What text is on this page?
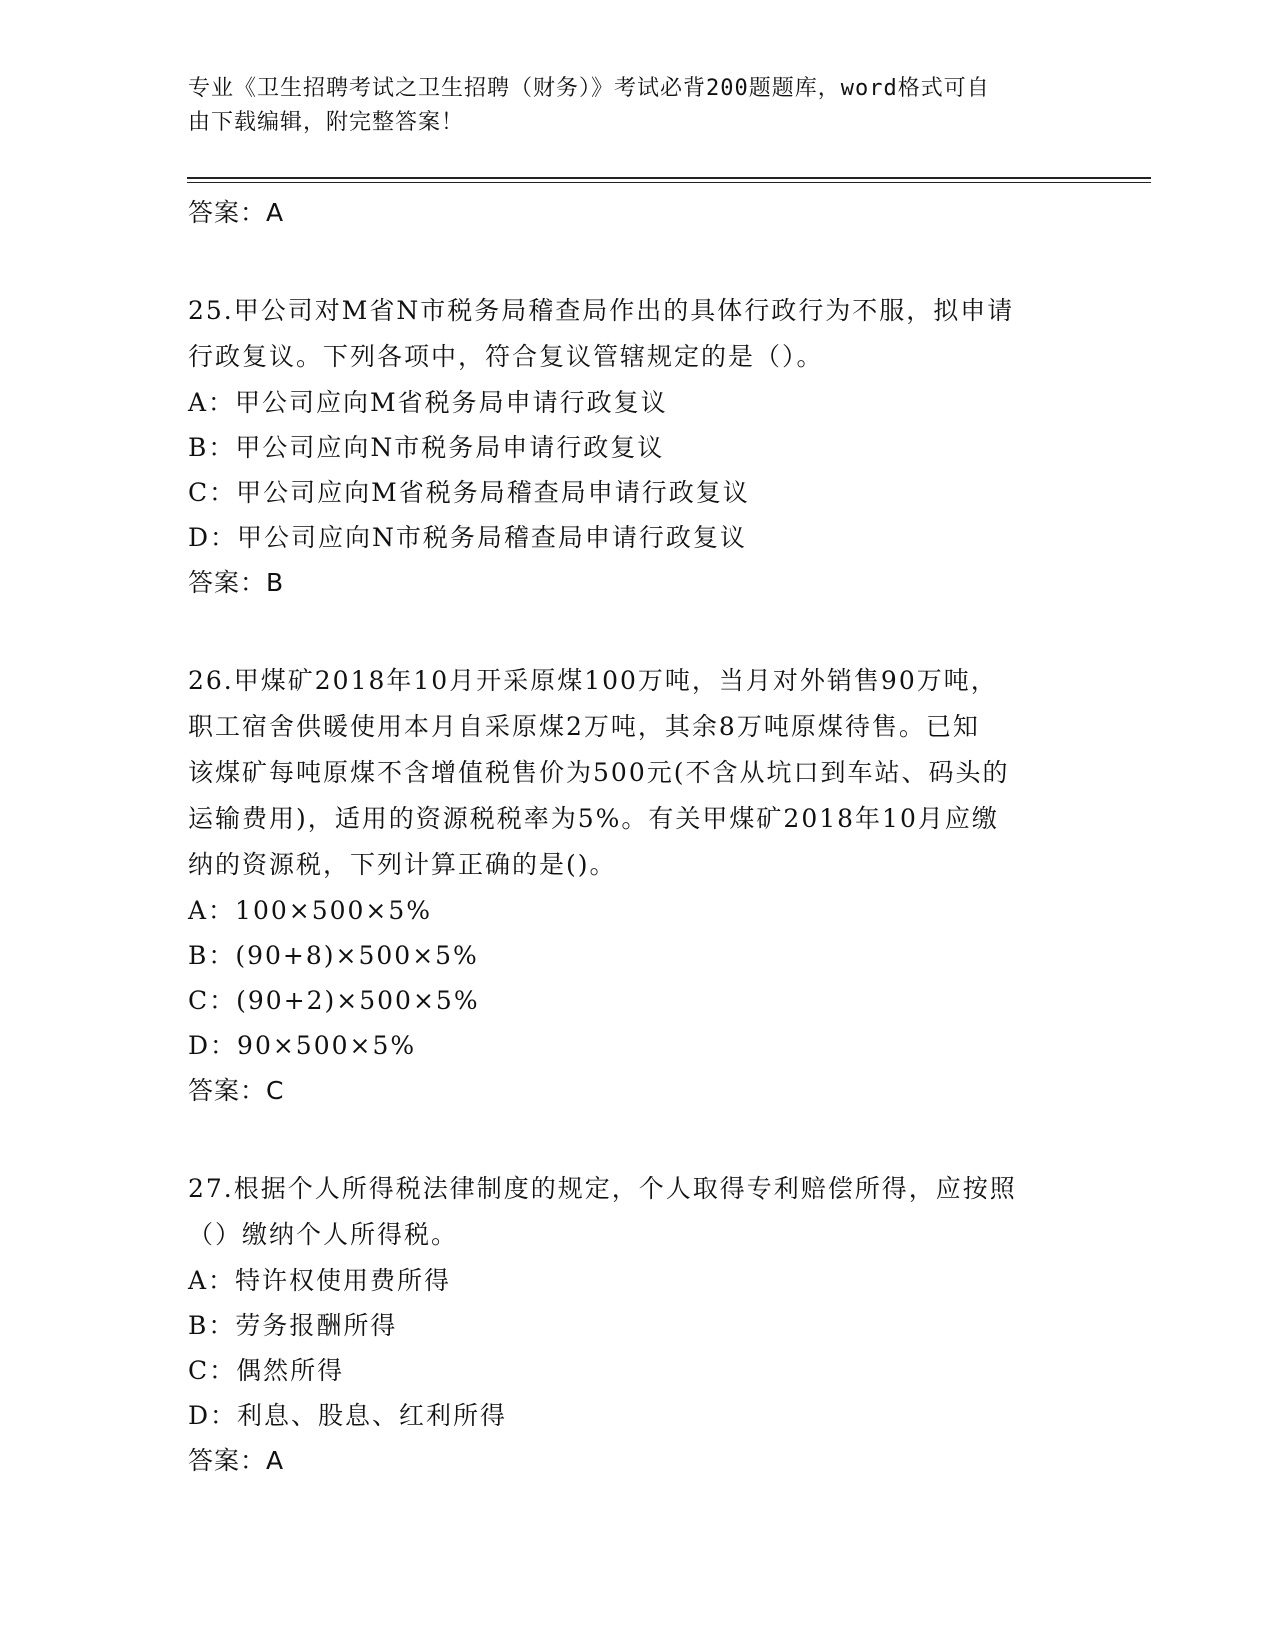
专业《卫生招聘考试之卫生招聘（财务）》考试必背200题题库，word格式可自
由下载编辑，附完整答案！

答案：A

25.甲公司对M省N市税务局稽查局作出的具体行政行为不服，拟申请

行政复议。下列各项中，符合复议管辖规定的是（）。

A：甲公司应向M省税务局申请行政复议

B：甲公司应向N市税务局申请行政复议

C：甲公司应向M省税务局稽查局申请行政复议

D：甲公司应向N市税务局稽查局申请行政复议

答案：B

26.甲煤矿2018年10月开采原煤100万吨，当月对外销售90万吨，

职工宿舍供暖使用本月自采原煤2万吨，其余8万吨原煤待售。已知

该煤矿每吨原煤不含增值税售价为500元(不含从坑口到车站、码头的

运输费用)，适用的资源税税率为5%。有关甲煤矿2018年10月应缴

纳的资源税，下列计算正确的是()。

A：100×500×5%

B：(90+8)×500×5%

C：(90+2)×500×5%

D：90×500×5%

答案：C

27.根据个人所得税法律制度的规定，个人取得专利赔偿所得，应按照

（）缴纳个人所得税。

A：特许权使用费所得

B：劳务报酬所得

C：偶然所得

D：利息、股息、红利所得

答案：A
